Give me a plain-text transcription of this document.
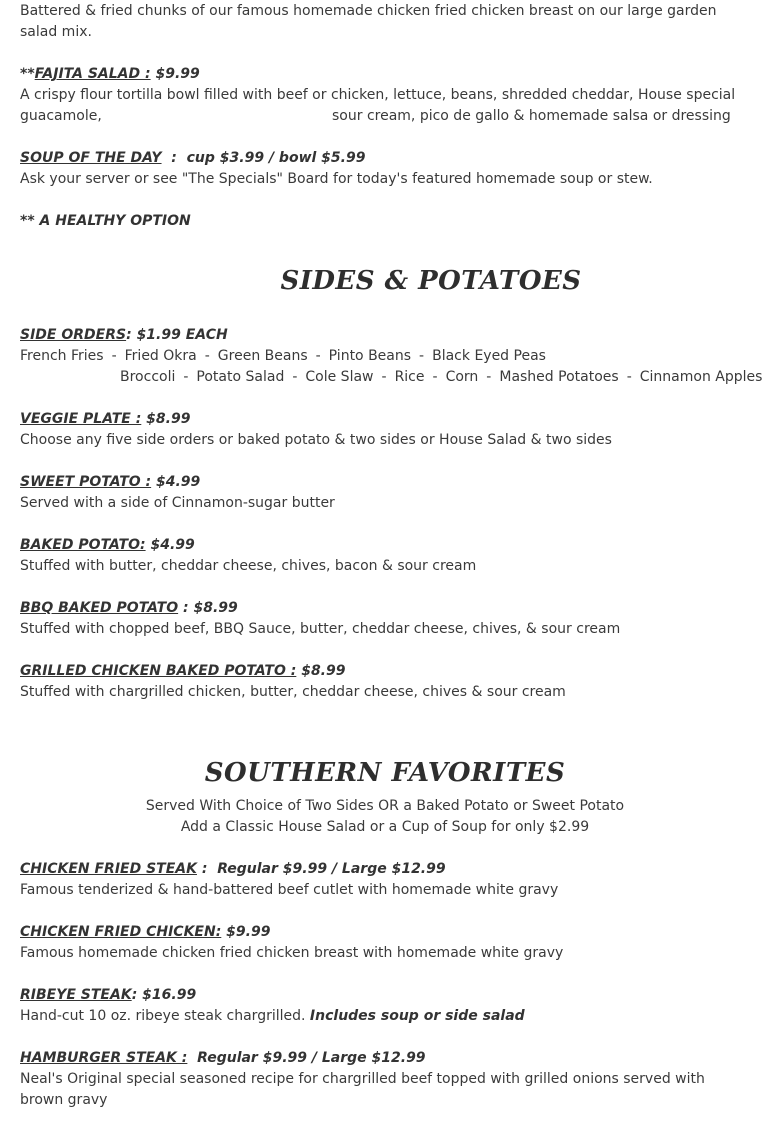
Battered & fried chunks of our famous homemade chicken fried chicken breast on our large garden salad mix.
**FAJITA SALAD : $9.99
A crispy flour tortilla bowl filled with beef or chicken, lettuce, beans, shredded cheddar, House special
guacamole,	sour cream, pico de gallo & homemade salsa or dressing
SOUP OF THE DAY  :  cup $3.99 / bowl $5.99
Ask your server or see "The Specials" Board for today's featured homemade soup or stew.
** A HEALTHY OPTION
SIDES & POTATOES
SIDE ORDERS: $1.99 EACH
French Fries - Fried Okra - Green Beans - Pinto Beans - Black Eyed Peas
Broccoli - Potato Salad - Cole Slaw - Rice - Corn - Mashed Potatoes - Cinnamon Apples
VEGGIE PLATE : $8.99
Choose any five side orders or baked potato & two sides or House Salad & two sides
SWEET POTATO : $4.99
Served with a side of Cinnamon-sugar butter
BAKED POTATO: $4.99
Stuffed with butter, cheddar cheese, chives, bacon & sour cream
BBQ BAKED POTATO : $8.99
Stuffed with chopped beef, BBQ Sauce, butter, cheddar cheese, chives, & sour cream
GRILLED CHICKEN BAKED POTATO : $8.99
Stuffed with chargrilled chicken, butter, cheddar cheese, chives & sour cream
SOUTHERN FAVORITES
Served With Choice of Two Sides OR a Baked Potato or Sweet Potato
Add a Classic House Salad or a Cup of Soup for only $2.99
CHICKEN FRIED STEAK :  Regular $9.99 / Large $12.99
Famous tenderized & hand-battered beef cutlet with homemade white gravy
CHICKEN FRIED CHICKEN: $9.99
Famous homemade chicken fried chicken breast with homemade white gravy
RIBEYE STEAK: $16.99
Hand-cut 10 oz. ribeye steak chargrilled. Includes soup or side salad
HAMBURGER STEAK :  Regular $9.99 / Large $12.99
Neal's Original special seasoned recipe for chargrilled beef topped with grilled onions served with brown gravy
